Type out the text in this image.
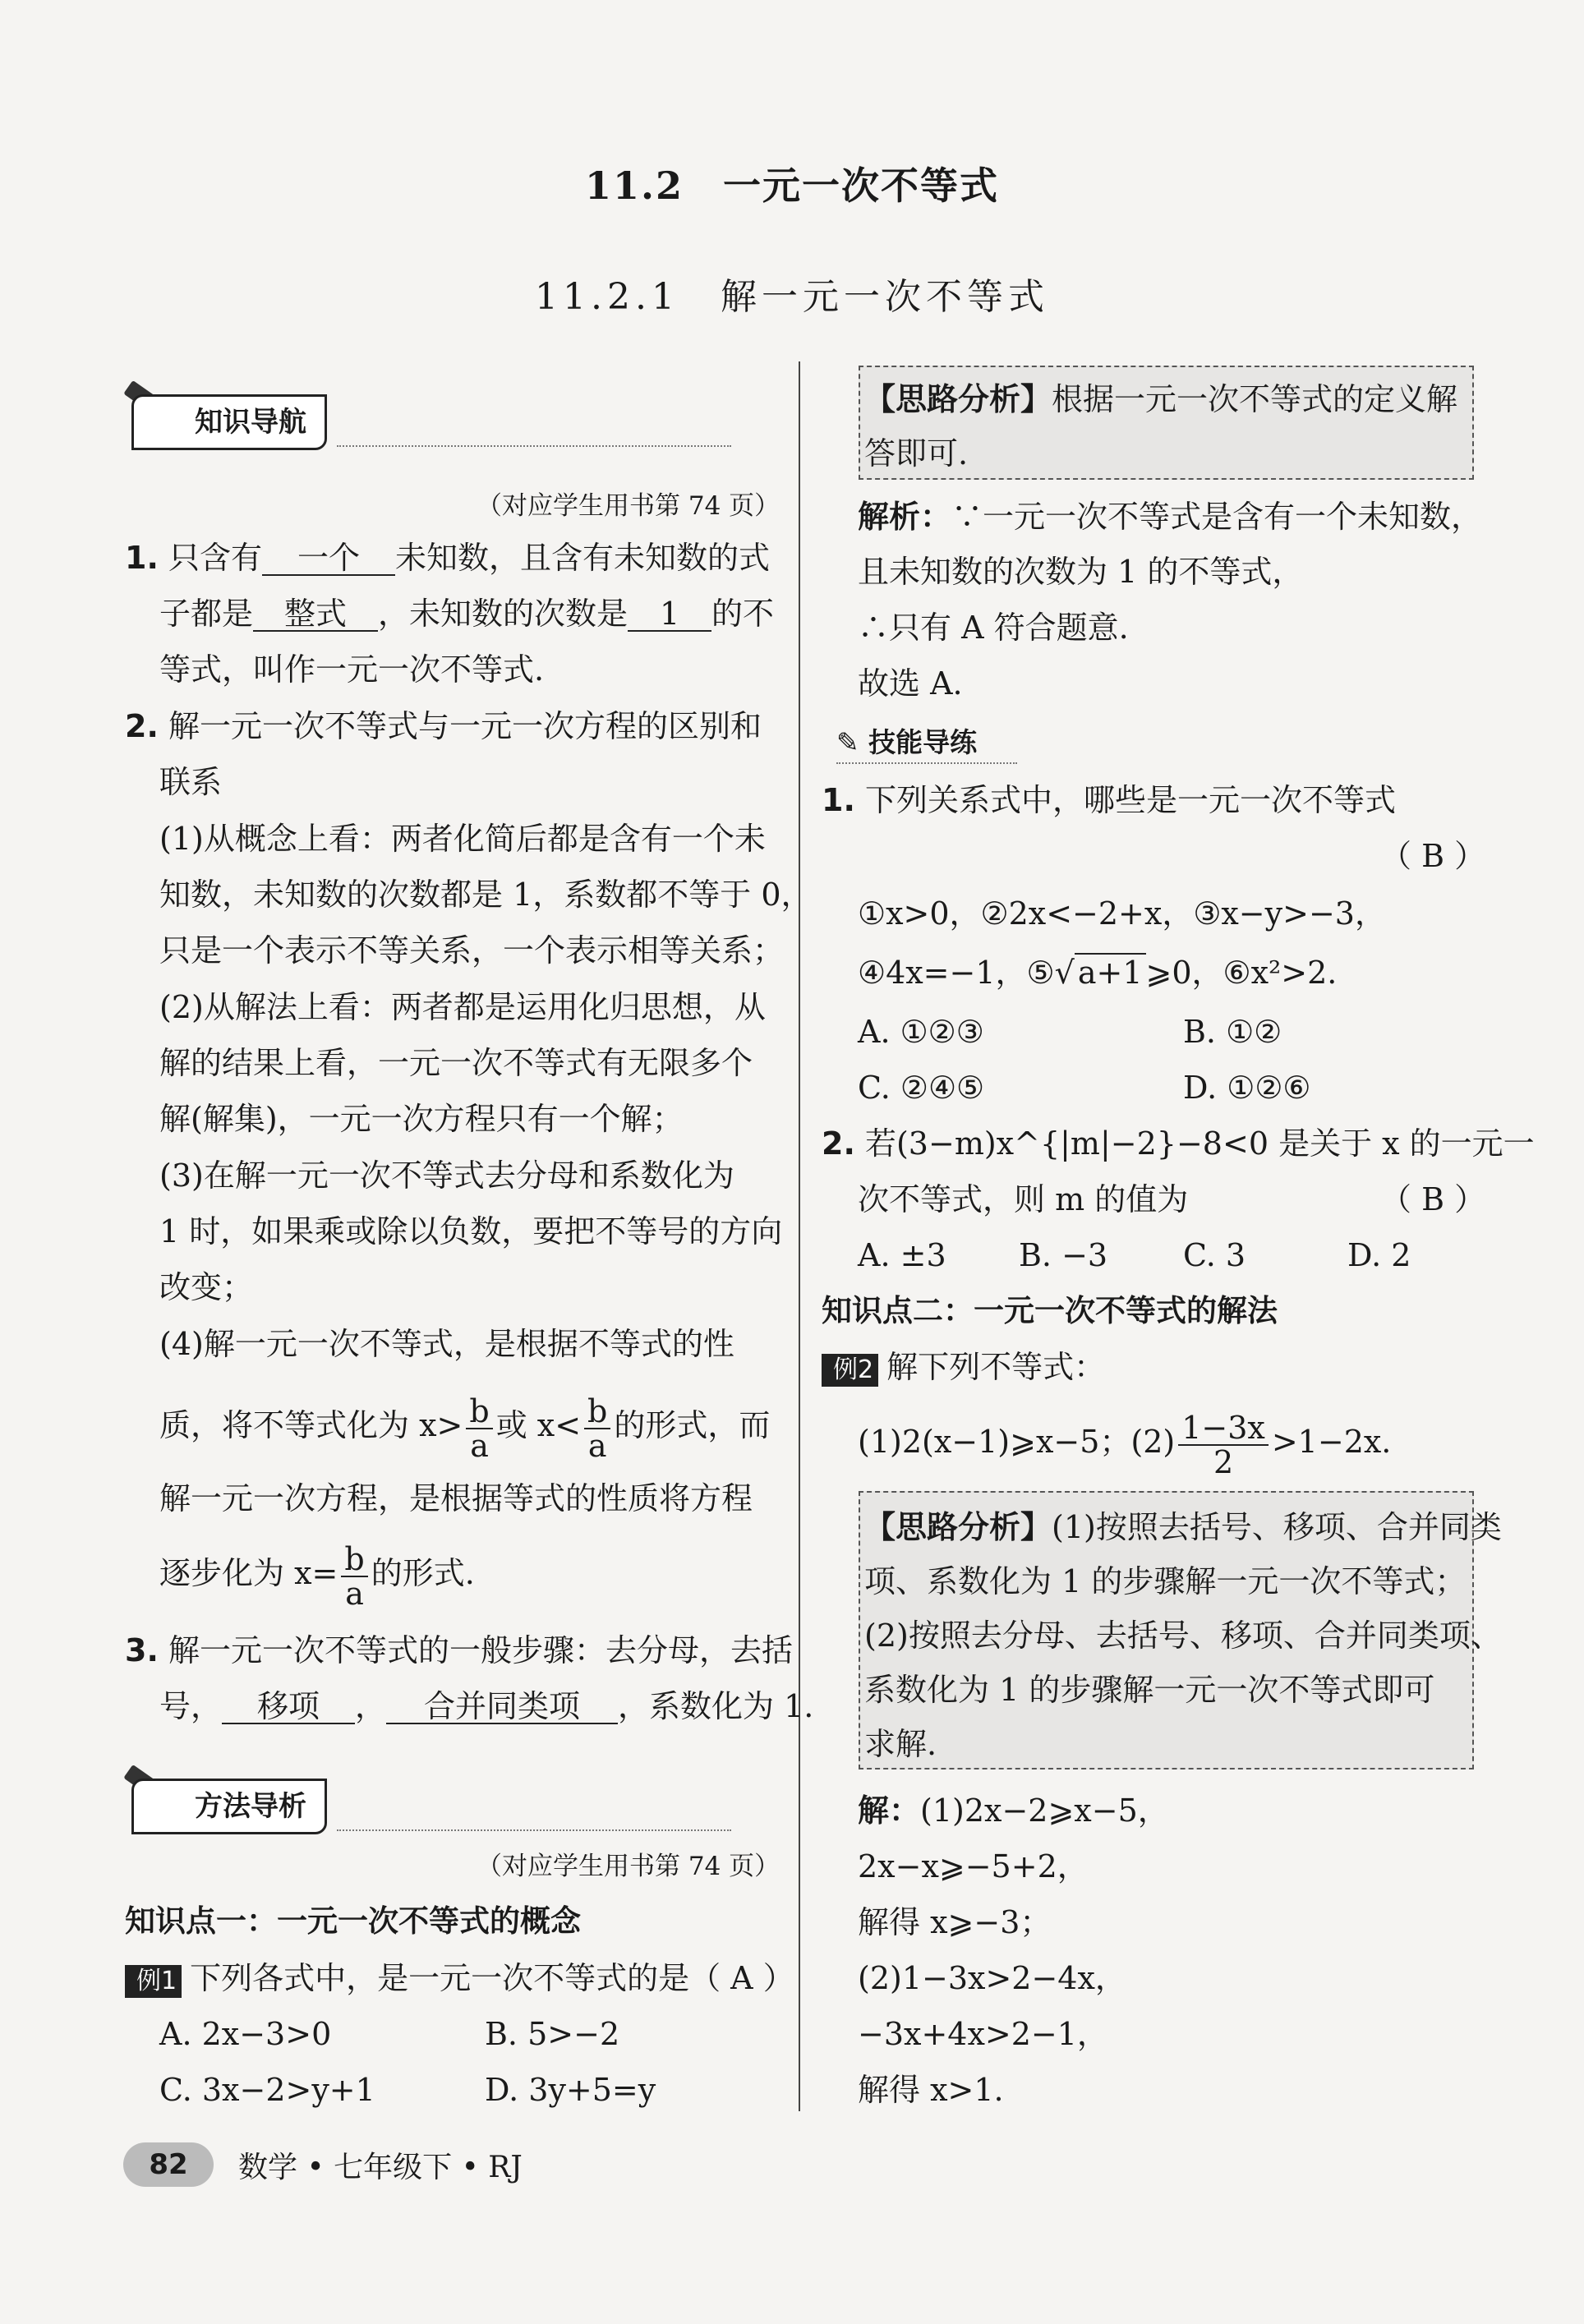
11.2　一元一次不等式
11.2.1　解一元一次不等式
知识导航
（对应学生用书第 74 页）
1. 只含有 一个 未知数，且含有未知数的式
子都是 整式 ，未知数的次数是 1 的不
等式，叫作一元一次不等式.
2. 解一元一次不等式与一元一次方程的区别和
联系
(1)从概念上看：两者化简后都是含有一个未
知数，未知数的次数都是 1，系数都不等于 0，
只是一个表示不等关系，一个表示相等关系；
(2)从解法上看：两者都是运用化归思想，从
解的结果上看，一元一次不等式有无限多个
解(解集)，一元一次方程只有一个解；
(3)在解一元一次不等式去分母和系数化为
1 时，如果乘或除以负数，要把不等号的方向
改变；
(4)解一元一次不等式，是根据不等式的性
质，将不等式化为 $x> \frac{b}{a}$ 或 $x< \frac{b}{a}$ 的形式，而
解一元一次方程，是根据等式的性质将方程
逐步化为 $x= \frac{b}{a}$ 的形式.
3. 解一元一次不等式的一般步骤：去分母，去括
号， 移项 ， 合并同类项 ，系数化为 1.
方法导析
（对应学生用书第 74 页）
知识点一：一元一次不等式的概念
例1 下列各式中，是一元一次不等式的是（ A ）
A. 2x−3>0	B. 5>−2
C. 3x−2>y+1	D. 3y+5=y
【思路分析】根据一元一次不等式的定义解
答即可.
解析：∵一元一次不等式是含有一个未知数，
且未知数的次数为 1 的不等式，
∴只有 A 符合题意.
故选 A.
✎ 技能导练
1. 下列关系式中，哪些是一元一次不等式
（ B ）
①x>0，②2x<−2+x，③x−y>−3，
④4x=−1，⑤√ a+1 ⩾0，⑥x²>2.
A. ①②③	B. ①②
C. ②④⑤	D. ①②⑥
2. 若(3−m)x^{|m|−2}−8<0 是关于 x 的一元一
次不等式，则 m 的值为	（ B ）
A. ±3 B. −3 C. 3	D. 2
知识点二：一元一次不等式的解法
例2 解下列不等式：
(1)2(x−1)⩾x−5；$(2) \frac{1-3x}{2} >1-2x$.
【思路分析】(1)按照去括号、移项、合并同类
项、系数化为 1 的步骤解一元一次不等式；
(2)按照去分母、去括号、移项、合并同类项、
系数化为 1 的步骤解一元一次不等式即可
求解.
解：(1)2x−2⩾x−5，
2x−x⩾−5+2，
解得 x⩾−3；
(2)1−3x>2−4x，
−3x+4x>2−1，
解得 x>1.
82	数学 • 七年级下 • RJ
